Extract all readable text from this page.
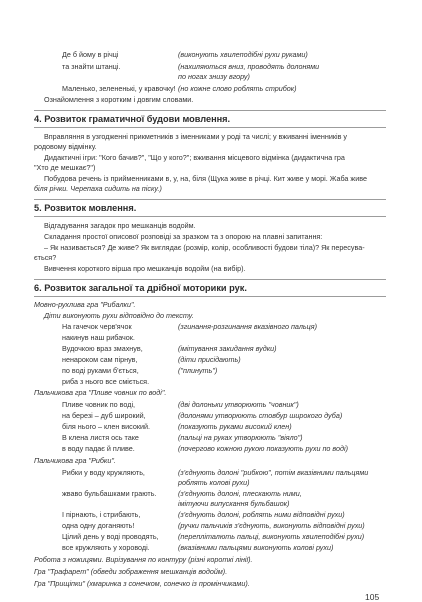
Де б йому в річці	(виконують хвилеподібні рухи руками)
та знайти штанці.	(нахиляються вниз, проводять долонями
по ногах знизу вгору)
Маленько, зелененькі, у кравочку! (но кожне слово роблять стрибок)
Ознайомлення з коротким і довгим словами.
4. Розвиток граматичної будови мовлення.
Вправляння в узгодженні прикметників з іменниками у роді та числі; у вживанні іменників у
родовому відмінку.
Дидактичні ігри: "Кого бачив?", "Що у кого?"; вживання місцевого відмінка (дидактична гра
"Хто де мешкає?")
Побудова речень із прийменниками в, у, на, біля (Щука живе в річці. Кит живе у морі. Жаба живе
біля річки. Черепаха сидить на піску.)
5. Розвиток мовлення.
Відгадування загадок про мешканців водойм.
Складання простої описової розповіді за зразком та з опорою на плавні запитання:
– Як називається? Де живе? Як виглядає (розмір, колір, особливості будови тіла)? Як пересува-
ється?
Вивчення короткого вірша про мешканців водойм (на вибір).
6. Розвиток загальної та дрібної моторики рук.
Мовно-рухлива гра "Рибалки".
Діти виконують рухи відповідно до тексту.
На гачечок черв'ячок	(згинання-розгинання вказівного пальця)
накинув наш рибачок.
Вудочкою враз змахнув,	(імітування закидання вудки)
ненароком сам пірнув,	(діти присідають)
по воді руками б'ється,	("плинуть")
риба з нього все сміється.
Пальчикова гра "Пливе човник по воді".
Пливе човник по воді,	(дві долоньки утворюють "човник")
на березі – дуб широкий,	(долонями утворюють стовбур широкого дуба)
біля нього – клен високий.	(показують руками високий клен)
В клена листя ось таке	(пальці на руках утворюють "віяло")
в воду падає й пливе.	(почергово кожною рукою показують рухи по воді)
Пальчикова гра "Рибки".
Рибки у воду кружляють,	(з'єднують долоні "рибкою", потім вказівними пальцями
роблять колові рухи)
жваво бульбашками грають.	(з'єднують долоні, плескають ними,
імітуючи випускання бульбашок)
І пірнають, і стрибають,	(з'єднують долоні, роблять ними відповідні рухи)
одна одну доганяють!	(ручки пальчиків з'єднують, виконують відповідні рухи)
Цілий день у воді проводять,	(перепліталють пальці, виконують хвилеподібні рухи)
все кружляють у хороводі.	(вказівними пальцями виконують колові рухи)
Робота з ножицями. Вирізування по контуру (різні короткі лінії).
Гра "Трафарет" (обведи зображення мешканців водойм).
Гра "Прищіпки" (хмаринка з сонечком, сонечко із промінчиками).
105
